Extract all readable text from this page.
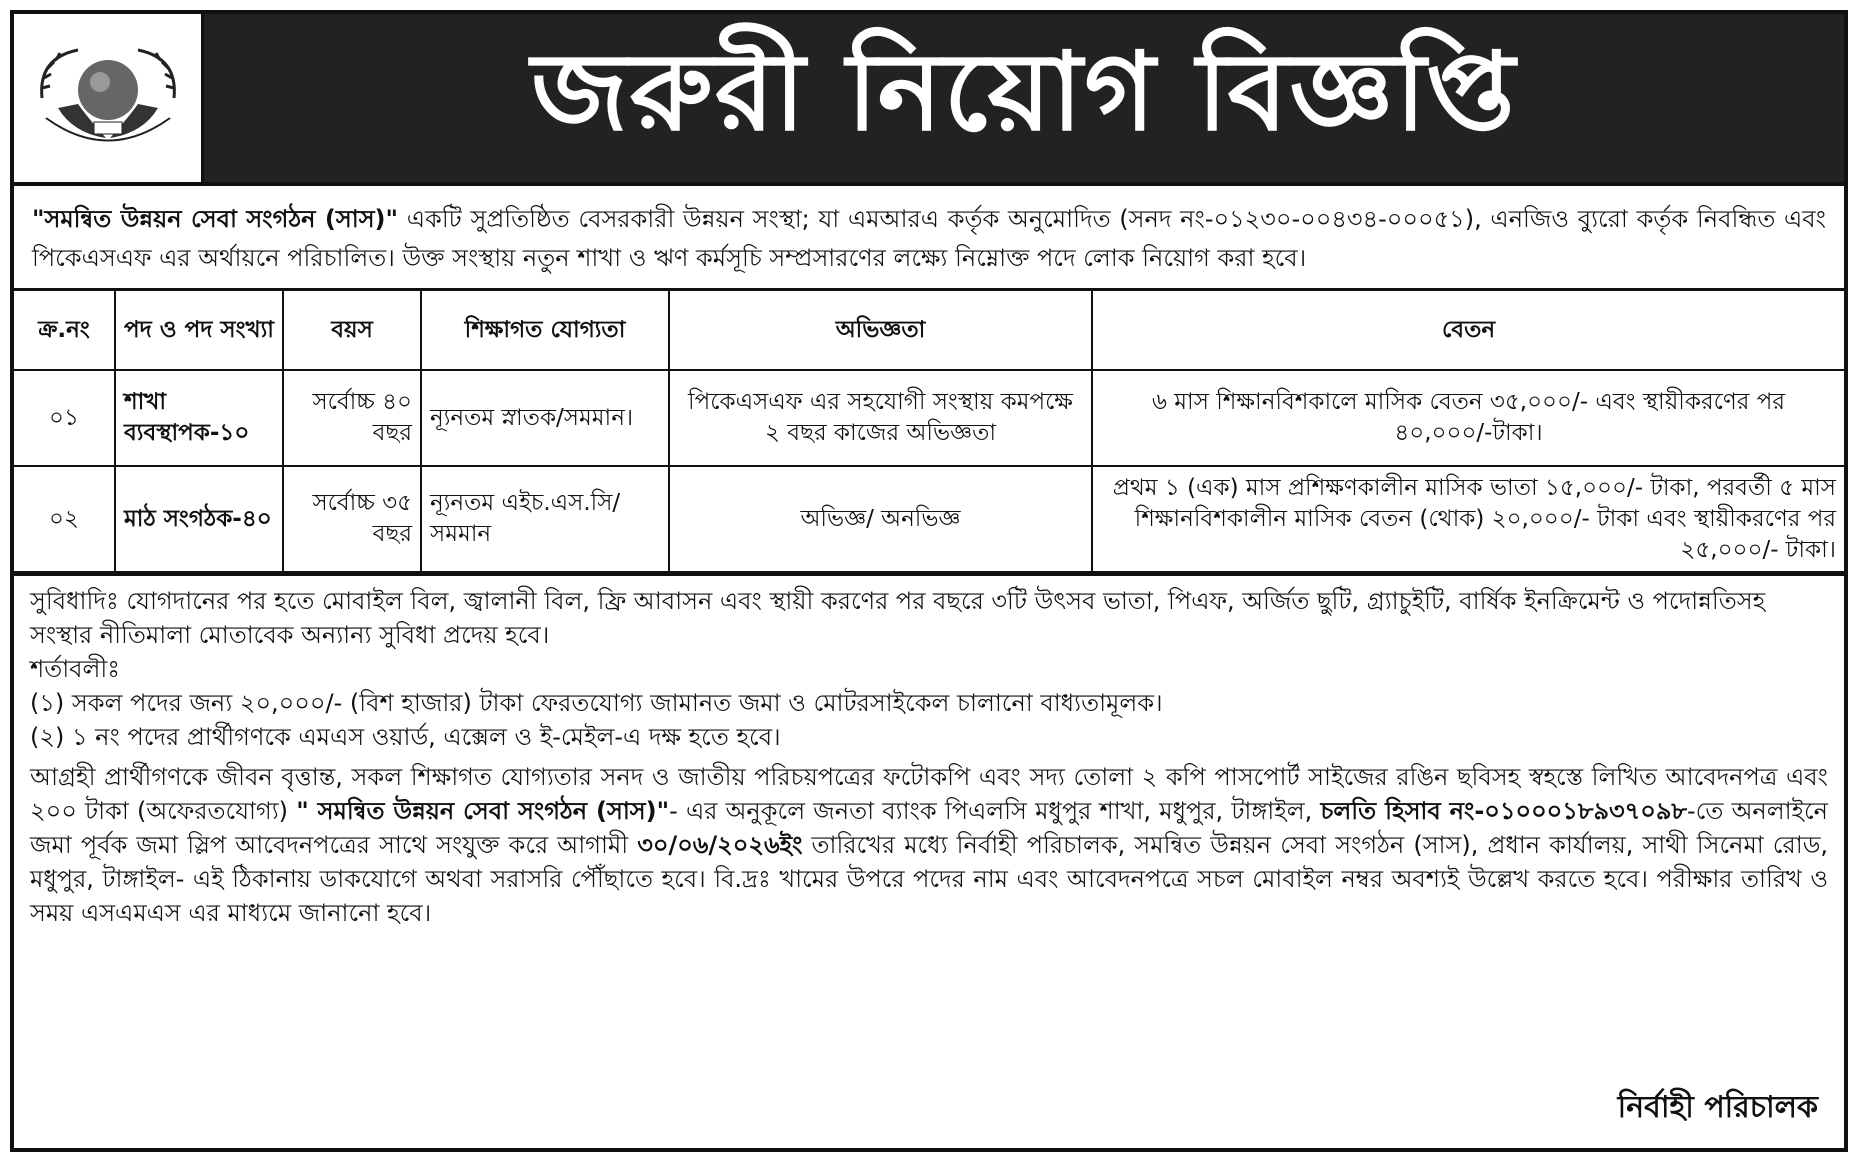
জরুরী নিয়োগ বিজ্ঞপ্তি
"সমন্বিত উন্নয়ন সেবা সংগঠন (সাস)" একটি সুপ্রতিষ্ঠিত বেসরকারী উন্নয়ন সংস্থা; যা এমআরএ কর্তৃক অনুমোদিত (সনদ নং-০১২৩০-০০৪৩৪-০০০৫১), এনজিও ব্যুরো কর্তৃক নিবন্ধিত এবং পিকেএসএফ এর অর্থায়নে পরিচালিত। উক্ত সংস্থায় নতুন শাখা ও ঋণ কর্মসূচি সম্প্রসারণের লক্ষ্যে নিম্নোক্ত পদে লোক নিয়োগ করা হবে।
ক্র.নং	পদ ও পদ সংখ্যা	বয়স	শিক্ষাগত যোগ্যতা	অভিজ্ঞতা	বেতন
০১	শাখা ব্যবস্থাপক-১০	সর্বোচ্চ ৪০ বছর	ন্যূনতম স্নাতক/সমমান।	পিকেএসএফ এর সহযোগী সংস্থায় কমপক্ষে ২ বছর কাজের অভিজ্ঞতা	৬ মাস শিক্ষানবিশকালে মাসিক বেতন ৩৫,০০০/- এবং স্থায়ীকরণের পর ৪০,০০০/-টাকা।
০২	মাঠ সংগঠক-৪০	সর্বোচ্চ ৩৫ বছর	ন্যূনতম এইচ.এস.সি/সমমান	অভিজ্ঞ/ অনভিজ্ঞ	প্রথম ১ (এক) মাস প্রশিক্ষণকালীন মাসিক ভাতা ১৫,০০০/- টাকা, পরবর্তী ৫ মাস শিক্ষানবিশকালীন মাসিক বেতন (থোক) ২০,০০০/- টাকা এবং স্থায়ীকরণের পর ২৫,০০০/- টাকা।

সুবিধাদিঃ যোগদানের পর হতে মোবাইল বিল, জ্বালানী বিল, ফ্রি আবাসন এবং স্থায়ী করণের পর বছরে ৩টি উৎসব ভাতা, পিএফ, অর্জিত ছুটি, গ্র্যাচুইটি, বার্ষিক ইনক্রিমেন্ট ও পদোন্নতিসহ সংস্থার নীতিমালা মোতাবেক অন্যান্য সুবিধা প্রদেয় হবে।

শর্তাবলীঃ

(১) সকল পদের জন্য ২০,০০০/- (বিশ হাজার) টাকা ফেরতযোগ্য জামানত জমা ও মোটরসাইকেল চালানো বাধ্যতামূলক।

(২) ১ নং পদের প্রার্থীগণকে এমএস ওয়ার্ড, এক্সেল ও ই-মেইল-এ দক্ষ হতে হবে।

আগ্রহী প্রার্থীগণকে জীবন বৃত্তান্ত, সকল শিক্ষাগত যোগ্যতার সনদ ও জাতীয় পরিচয়পত্রের ফটোকপি এবং সদ্য তোলা ২ কপি পাসপোর্ট সাইজের রঙিন ছবিসহ স্বহস্তে লিখিত আবেদনপত্র এবং ২০০ টাকা (অফেরতযোগ্য) " সমন্বিত উন্নয়ন সেবা সংগঠন (সাস)"- এর অনুকূলে জনতা ব্যাংক পিএলসি মধুপুর শাখা, মধুপুর, টাঙ্গাইল, চলতি হিসাব নং-০১০০০১৮৯৩৭০৯৮-তে অনলাইনে জমা পূর্বক জমা স্লিপ আবেদনপত্রের সাথে সংযুক্ত করে আগামী ৩০/০৬/২০২৬ইং তারিখের মধ্যে নির্বাহী পরিচালক, সমন্বিত উন্নয়ন সেবা সংগঠন (সাস), প্রধান কার্যালয়, সাথী সিনেমা রোড, মধুপুর, টাঙ্গাইল- এই ঠিকানায় ডাকযোগে অথবা সরাসরি পৌঁছাতে হবে। বি.দ্রঃ খামের উপরে পদের নাম এবং আবেদনপত্রে সচল মোবাইল নম্বর অবশ্যই উল্লেখ করতে হবে। পরীক্ষার তারিখ ও সময় এসএমএস এর মাধ্যমে জানানো হবে।

নির্বাহী পরিচালক
